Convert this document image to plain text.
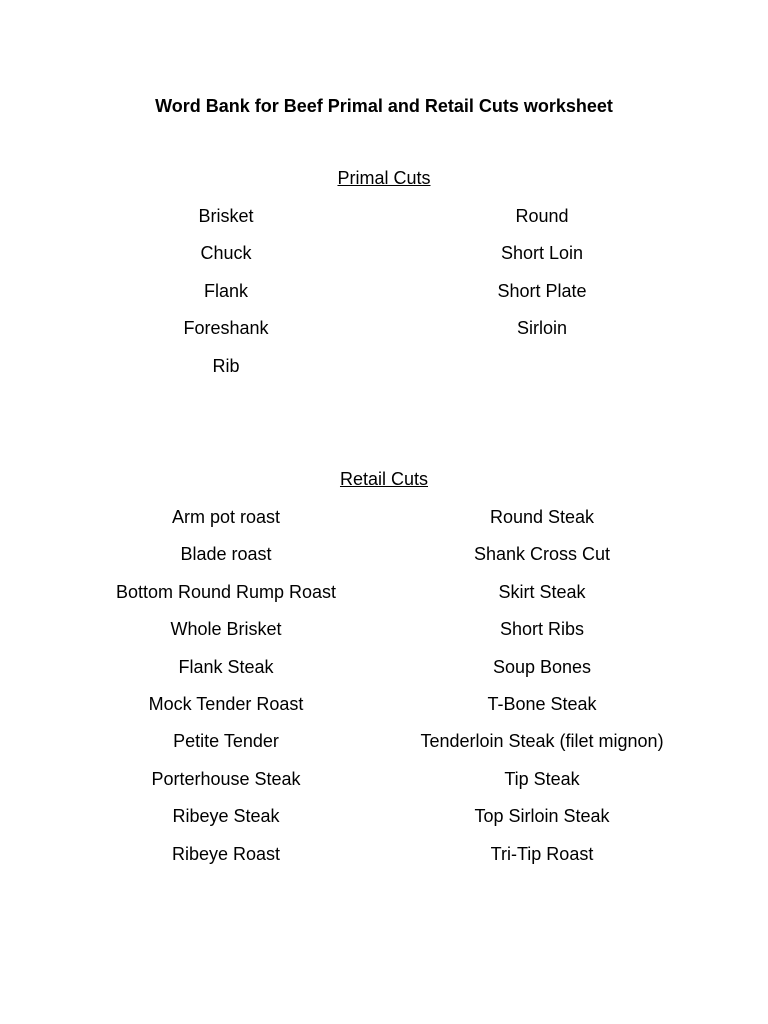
Word Bank for Beef Primal and Retail Cuts worksheet
Primal Cuts
Brisket
Chuck
Flank
Foreshank
Rib
Round
Short Loin
Short Plate
Sirloin
Retail Cuts
Arm pot roast
Blade roast
Bottom Round Rump Roast
Whole Brisket
Flank Steak
Mock Tender Roast
Petite Tender
Porterhouse Steak
Ribeye Steak
Ribeye Roast
Round Steak
Shank Cross Cut
Skirt Steak
Short Ribs
Soup Bones
T-Bone Steak
Tenderloin Steak (filet mignon)
Tip Steak
Top Sirloin Steak
Tri-Tip Roast
